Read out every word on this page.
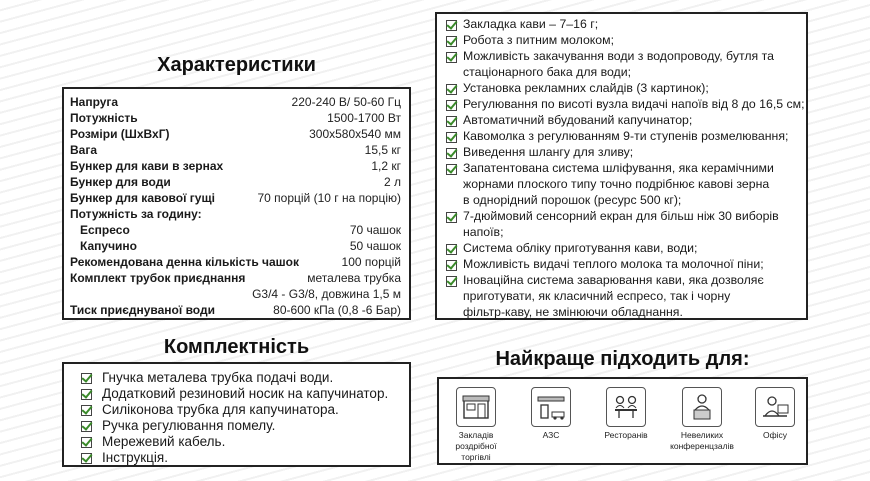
Характеристики
Комплектність
Найкраще підходить для:
Напруга	220-240 В/ 50-60 Гц
Потужність	1500-1700 Вт
Розміри (ШхВхГ)	300x580x540 мм
Вага	15,5 кг
Бункер для кави в зернах	1,2 кг
Бункер для води	2 л
Бункер для кавової гущі	70 порцій (10 г на порцію)
Потужність за годину:
Еспресо	70 чашок
Капучино	50 чашок
Рекомендована денна кількість чашок	100 порцій
Комплект трубок приєднання	металева трубка
G3/4 - G3/8, довжина 1,5 м
Тиск приєднуваної води	80-600 кПа (0,8 -6 Бар)
Закладка кави – 7–16 г;
Робота з питним молоком;
Можливість закачування води з водопроводу, бутля та
стаціонарного бака для води;
Установка рекламних слайдів (3 картинок);
Регулювання по висоті вузла видачі напоїв від 8 до 16,5 см;
Автоматичний вбудований капучинатор;
Кавомолка з регулюванням 9-ти ступенів розмелювання;
Виведення шлангу для зливу;
Запатентована система шліфування, яка керамічними
жорнами плоского типу точно подрібнює кавові зерна
в однорідний порошок (ресурс 500 кг);
7-дюймовий сенсорний екран для більш ніж 30 виборів
напоїв;
Система обліку приготування кави, води;
Можливість видачі теплого молока та молочної піни;
Іноваційна система заварювання кави, яка дозволяє
приготувати, як класичний еспресо, так і чорну
фільтр-каву, не змінюючи обладнання.
Гнучка металева трубка подачі води.
Додатковий резиновий носик на капучинатор.
Силіконова трубка для капучинатора.
Ручка регулювання помелу.
Мережевий кабель.
Інструкція.
Закладів роздрібної торгівлі
АЗС	Ресторанів	Невеликих конференцзалів
Офісу
